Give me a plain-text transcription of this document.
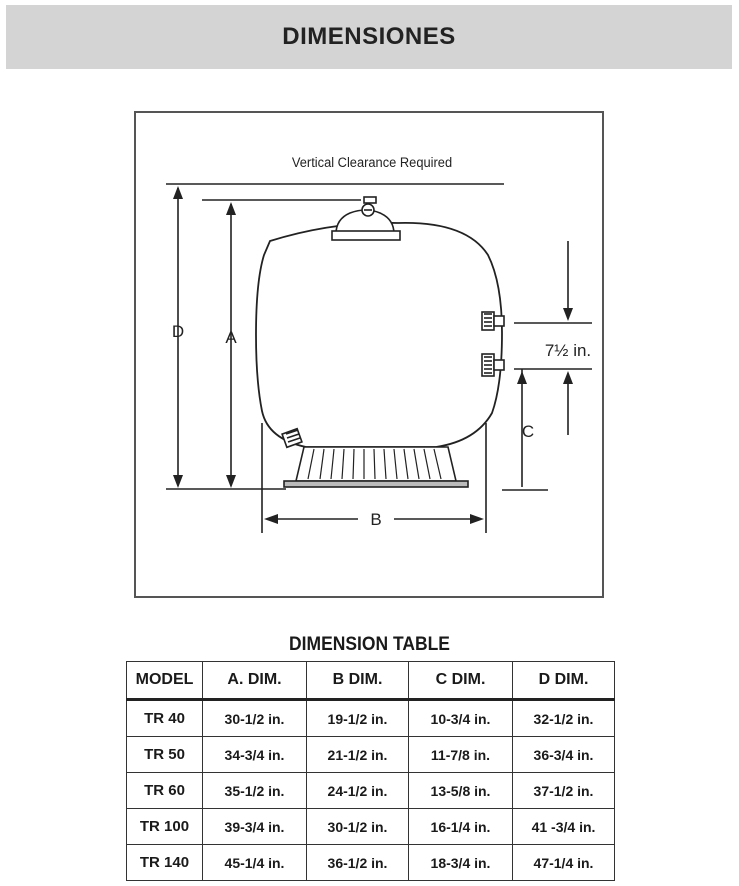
DIMENSIONES
Vertical Clearance Required
D A
B
C
7½ in.
DIMENSION TABLE
MODEL	A. DIM.	B DIM.	C DIM.	D DIM.
TR 40	30-1/2 in.	19-1/2 in.	10-3/4 in.	32-1/2 in.
TR 50	34-3/4 in.	21-1/2 in.	11-7/8 in.	36-3/4 in.
TR 60	35-1/2 in.	24-1/2 in.	13-5/8 in.	37-1/2 in.
TR 100	39-3/4 in.	30-1/2 in.	16-1/4 in.	41 -3/4 in.
TR 140	45-1/4 in.	36-1/2 in.	18-3/4 in.	47-1/4 in.
